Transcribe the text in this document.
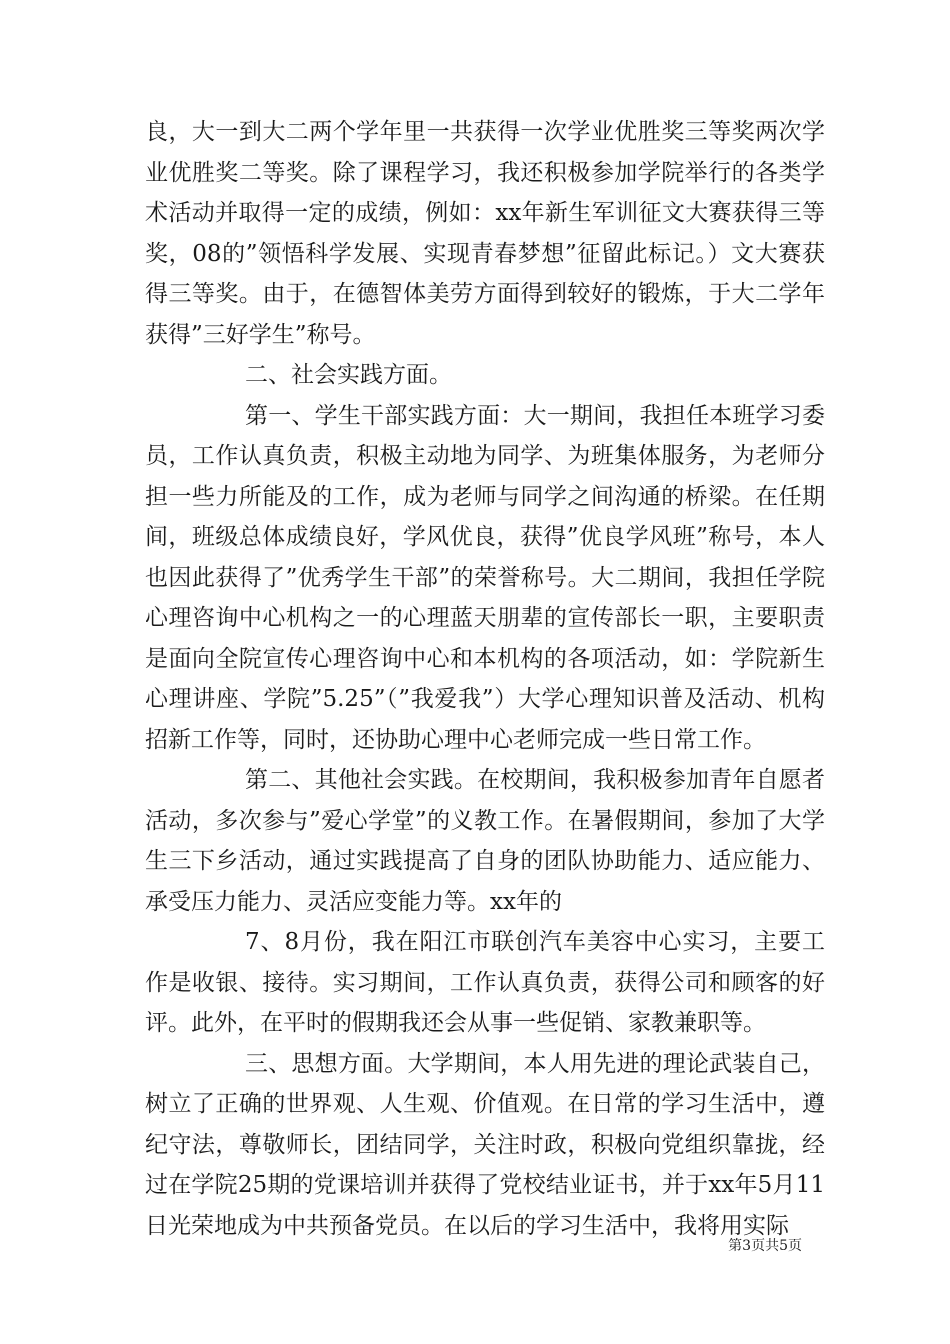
良，大一到大二两个学年里一共获得一次学业优胜奖三等奖两次学业优胜奖二等奖。除了课程学习，我还积极参加学院举行的各类学术活动并取得一定的成绩，例如：xx年新生军训征文大赛获得三等奖，08的”领悟科学发展、实现青春梦想”征留此标记。）文大赛获得三等奖。由于，在德智体美劳方面得到较好的锻炼，于大二学年获得”三好学生”称号。

二、社会实践方面。

第一、学生干部实践方面：大一期间，我担任本班学习委员，工作认真负责，积极主动地为同学、为班集体服务，为老师分担一些力所能及的工作，成为老师与同学之间沟通的桥梁。在任期间，班级总体成绩良好，学风优良，获得”优良学风班”称号，本人也因此获得了”优秀学生干部”的荣誉称号。大二期间，我担任学院心理咨询中心机构之一的心理蓝天朋辈的宣传部长一职，主要职责是面向全院宣传心理咨询中心和本机构的各项活动，如：学院新生心理讲座、学院”5.25”（”我爱我”）大学心理知识普及活动、机构招新工作等，同时，还协助心理中心老师完成一些日常工作。

第二、其他社会实践。在校期间，我积极参加青年自愿者活动，多次参与”爱心学堂”的义教工作。在暑假期间，参加了大学生三下乡活动，通过实践提高了自身的团队协助能力、适应能力、承受压力能力、灵活应变能力等。xx年的

7、8月份，我在阳江市联创汽车美容中心实习，主要工作是收银、接待。实习期间，工作认真负责，获得公司和顾客的好评。此外，在平时的假期我还会从事一些促销、家教兼职等。

三、思想方面。大学期间，本人用先进的理论武装自己，树立了正确的世界观、人生观、价值观。在日常的学习生活中，遵纪守法，尊敬师长，团结同学，关注时政，积极向党组织靠拢，经过在学院25期的党课培训并获得了党校结业证书，并于xx年5月11日光荣地成为中共预备党员。在以后的学习生活中，我将用实际

第3页共5页
